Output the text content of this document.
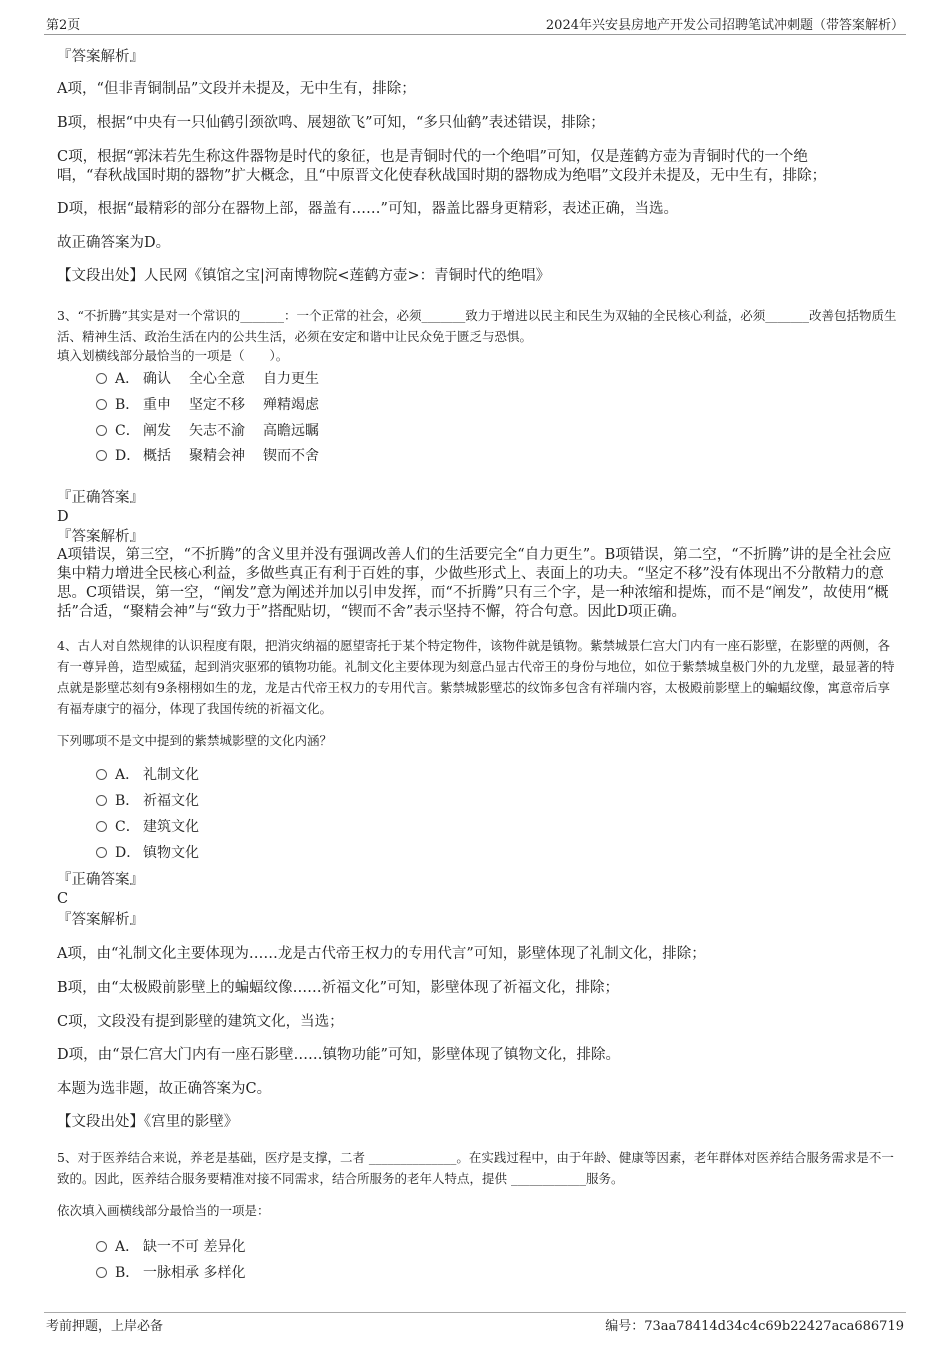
第2页	2024年兴安县房地产开发公司招聘笔试冲刺题（带答案解析）

『答案解析』

A项，“但非青铜制品”文段并未提及，无中生有，排除；

B项，根据“中央有一只仙鹤引颈欲鸣、展翅欲飞”可知，“多只仙鹤”表述错误，排除；

C项，根据“郭沫若先生称这件器物是时代的象征，也是青铜时代的一个绝唱”可知，仅是莲鹤方壶为青铜时代的一个绝唱，“春秋战国时期的器物”扩大概念，且“中原晋文化使春秋战国时期的器物成为绝唱”文段并未提及，无中生有，排除；

D项，根据“最精彩的部分在器物上部，器盖有……”可知，器盖比器身更精彩，表述正确，当选。

故正确答案为D。

【文段出处】人民网《镇馆之宝|河南博物院<莲鹤方壶>：青铜时代的绝唱》

3、“不折腾”其实是对一个常识的_______：一个正常的社会，必须_______致力于增进以民主和民生为双轴的全民核心利益，必须_______改善包括物质生活、精神生活、政治生活在内的公共生活，必须在安定和谐中让民众免于匮乏与恐惧。

填入划横线部分最恰当的一项是（　　）。

A． 确认 全心全意 自力更生
B． 重申 坚定不移 殚精竭虑
C． 阐发 矢志不渝 高瞻远瞩
D． 概括 聚精会神 锲而不舍

『正确答案』

D

『答案解析』

A项错误，第三空，“不折腾”的含义里并没有强调改善人们的生活要完全“自力更生”。B项错误，第二空，“不折腾”讲的是全社会应集中精力增进全民核心利益，多做些真正有利于百姓的事，少做些形式上、表面上的功夫。“坚定不移”没有体现出不分散精力的意思。C项错误，第一空，“阐发”意为阐述并加以引申发挥，而“不折腾”只有三个字，是一种浓缩和提炼，而不是“阐发”，故使用“概括”合适，“聚精会神”与“致力于”搭配贴切，“锲而不舍”表示坚持不懈，符合句意。因此D项正确。

4、古人对自然规律的认识程度有限，把消灾纳福的愿望寄托于某个特定物件，该物件就是镇物。紫禁城景仁宫大门内有一座石影壁，在影壁的两侧，各有一尊异兽，造型威猛，起到消灾驱邪的镇物功能。礼制文化主要体现为刻意凸显古代帝王的身份与地位，如位于紫禁城皇极门外的九龙壁，最显著的特点就是影壁芯刻有9条栩栩如生的龙，龙是古代帝王权力的专用代言。紫禁城影壁芯的纹饰多包含有祥瑞内容，太极殿前影壁上的蝙蝠纹像，寓意帝后享有福寿康宁的福分，体现了我国传统的祈福文化。

下列哪项不是文中提到的紫禁城影壁的文化内涵？

A． 礼制文化
B． 祈福文化
C． 建筑文化
D． 镇物文化

『正确答案』

C

『答案解析』

A项，由“礼制文化主要体现为……龙是古代帝王权力的专用代言”可知，影壁体现了礼制文化，排除；

B项，由“太极殿前影壁上的蝙蝠纹像……祈福文化”可知，影壁体现了祈福文化，排除；

C项，文段没有提到影壁的建筑文化，当选；

D项，由“景仁宫大门内有一座石影壁……镇物功能”可知，影壁体现了镇物文化，排除。

本题为选非题，故正确答案为C。

【文段出处】《宫里的影壁》

5、对于医养结合来说，养老是基础，医疗是支撑，二者 ______________。在实践过程中，由于年龄、健康等因素，老年群体对医养结合服务需求是不一致的。因此，医养结合服务要精准对接不同需求，结合所服务的老年人特点，提供 ____________服务。

依次填入画横线部分最恰当的一项是：

A． 缺一不可 差异化
B． 一脉相承 多样化
考前押题，上岸必备	编号：73aa78414d34c4c69b22427aca686719
